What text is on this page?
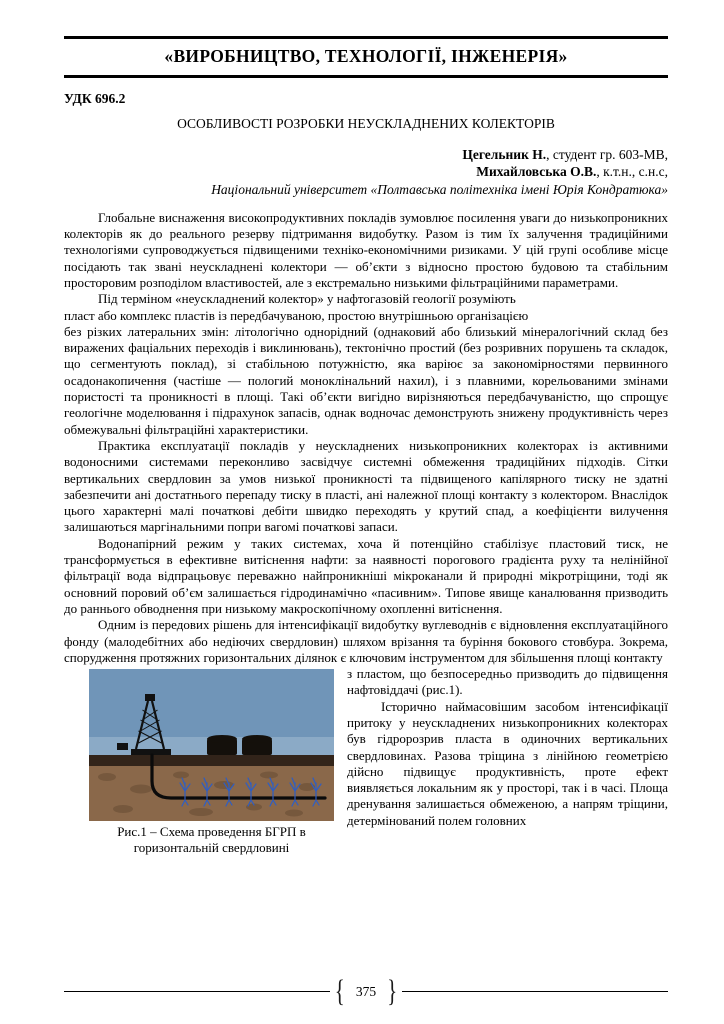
«ВИРОБНИЦТВО, ТЕХНОЛОГІЇ, ІНЖЕНЕРІЯ»

УДК 696.2

ОСОБЛИВОСТІ РОЗРОБКИ НЕУСКЛАДНЕНИХ КОЛЕКТОРІВ

Цегельник Н., студент гр. 603-МВ,

Михайловська О.В., к.т.н., с.н.с,

Національний університет «Полтавська політехніка імені Юрія Кондратюка»

Глобальне виснаження високопродуктивних покладів зумовлює посилення уваги до низькопроникних колекторів як до реального резерву підтримання видобутку. Разом із тим їх залучення традиційними технологіями супроводжується підвищеними техніко-економічними ризиками. У цій групі особливе місце посідають так звані неускладнені колектори — об’єкти з відносно простою будовою та стабільним просторовим розподілом властивостей, але з екстремально низькими фільтраційними параметрами.

Під терміном «неускладнений колектор» у нафтогазовій геології розуміють

пласт або комплекс пластів із передбачуваною, простою внутрішньою організацією

без різких латеральних змін: літологічно однорідний (однаковий або близький мінералогічний склад без виражених фаціальних переходів і виклинювань), тектонічно простий (без розривних порушень та складок, що сегментують поклад), зі стабільною потужністю, яка варіює за закономірностями первинного осадонакопичення (частіше — пологий моноклінальний нахил), і з плавними, корельованими змінами пористості та проникності в площі. Такі об’єкти вигідно вирізняються передбачуваністю, що спрощує геологічне моделювання і підрахунок запасів, однак водночас демонструють знижену продуктивність через обмежувальні фільтраційні характеристики.

Практика експлуатації покладів у неускладнених низькопроникних колекторах із активними водоносними системами переконливо засвідчує системні обмеження традиційних підходів. Сітки вертикальних свердловин за умов низької проникності та підвищеного капілярного тиску не здатні забезпечити ані достатнього перепаду тиску в пласті, ані належної площі контакту з колектором. Внаслідок цього характерні малі початкові дебіти швидко переходять у крутий спад, а коефіцієнти вилучення залишаються маргінальними попри вагомі початкові запаси.

Водонапірний режим у таких системах, хоча й потенційно стабілізує пластовий тиск, не трансформується в ефективне витіснення нафти: за наявності порогового градієнта руху та нелінійної фільтрації вода відпрацьовує переважно найпроникніші мікроканали й природні мікротріщини, тоді як основний поровий об’єм залишається гідродинамічно «пасивним». Типове явище каналювання призводить до раннього обводнення при низькому макроскопічному охопленні витіснення.

Одним із передових рішень для інтенсифікації видобутку вуглеводнів є відновлення експлуатаційного фонду (малодебітних або недіючих свердловин) шляхом врізання та буріння бокового стовбура. Зокрема, спорудження протяжних горизонтальних ділянок є ключовим інструментом для збільшення площі контакту

Рис.1 – Схема проведення БГРП в
горизонтальній свердловині

з пластом, що безпосередньо призводить до підвищення нафтовіддачі (рис.1).

Історично наймасовішим засобом інтенсифікації притоку у неускладнених низькопроникних колекторах був гідророзрив пласта в одиночних вертикальних свердловинах. Разова тріщина з лінійною геометрією дійсно підвищує продуктивність, проте ефект виявляється локальним як у просторі, так і в часі. Площа дренування залишається обмеженою, а напрям тріщини, детермінований полем головних

{ 375 }
